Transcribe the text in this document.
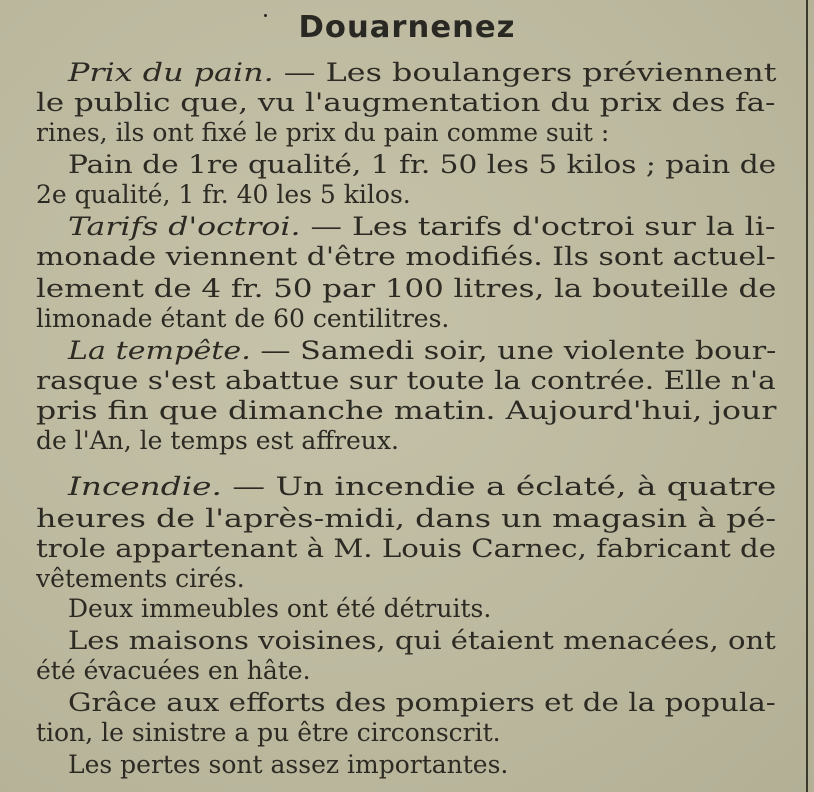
Douarnenez
Prix du pain. — Les boulangers préviennent
le public que, vu l'augmentation du prix des fa-
rines, ils ont fixé le prix du pain comme suit :
Pain de 1re qualité, 1 fr. 50 les 5 kilos ; pain de
2e qualité, 1 fr. 40 les 5 kilos.
Tarifs d'octroi. — Les tarifs d'octroi sur la li-
monade viennent d'être modifiés. Ils sont actuel-
lement de 4 fr. 50 par 100 litres, la bouteille de
limonade étant de 60 centilitres.
La tempête. — Samedi soir, une violente bour-
rasque s'est abattue sur toute la contrée. Elle n'a
pris fin que dimanche matin. Aujourd'hui, jour
de l'An, le temps est affreux.
Incendie. — Un incendie a éclaté, à quatre
heures de l'après-midi, dans un magasin à pé-
trole appartenant à M. Louis Carnec, fabricant de
vêtements cirés.
Deux immeubles ont été détruits.
Les maisons voisines, qui étaient menacées, ont
été évacuées en hâte.
Grâce aux efforts des pompiers et de la popula-
tion, le sinistre a pu être circonscrit.
Les pertes sont assez importantes.
